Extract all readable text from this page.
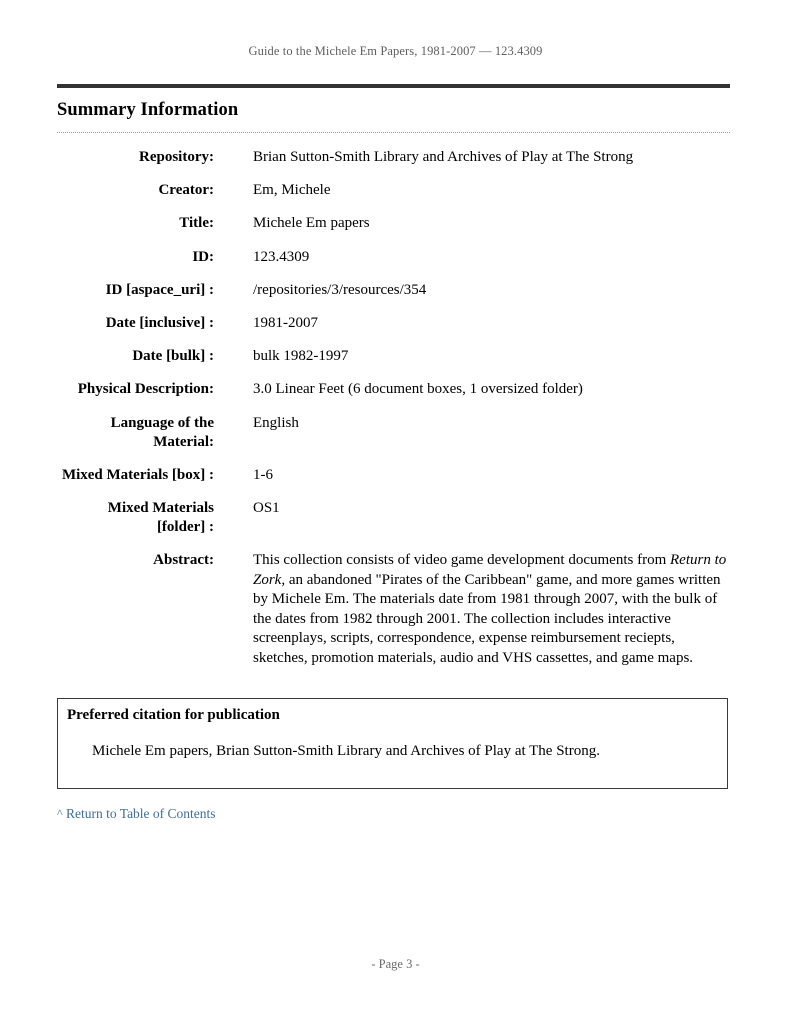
Guide to the Michele Em Papers, 1981-2007 — 123.4309
Summary Information
Repository:	Brian Sutton-Smith Library and Archives of Play at The Strong
Creator:	Em, Michele
Title:	Michele Em papers
ID:	123.4309
ID [aspace_uri] :	/repositories/3/resources/354
Date [inclusive] :	1981-2007
Date [bulk] :	bulk 1982-1997
Physical Description:	3.0 Linear Feet (6 document boxes, 1 oversized folder)
Language of the Material:	English
Mixed Materials [box] :	1-6
Mixed Materials [folder] :	OS1
Abstract:	This collection consists of video game development documents from Return to Zork, an abandoned "Pirates of the Caribbean" game, and more games written by Michele Em. The materials date from 1981 through 2007, with the bulk of the dates from 1982 through 2001. The collection includes interactive screenplays, scripts, correspondence, expense reimbursement reciepts, sketches, promotion materials, audio and VHS cassettes, and game maps.

Preferred citation for publication
Michele Em papers, Brian Sutton-Smith Library and Archives of Play at The Strong.
^ Return to Table of Contents
- Page 3 -
